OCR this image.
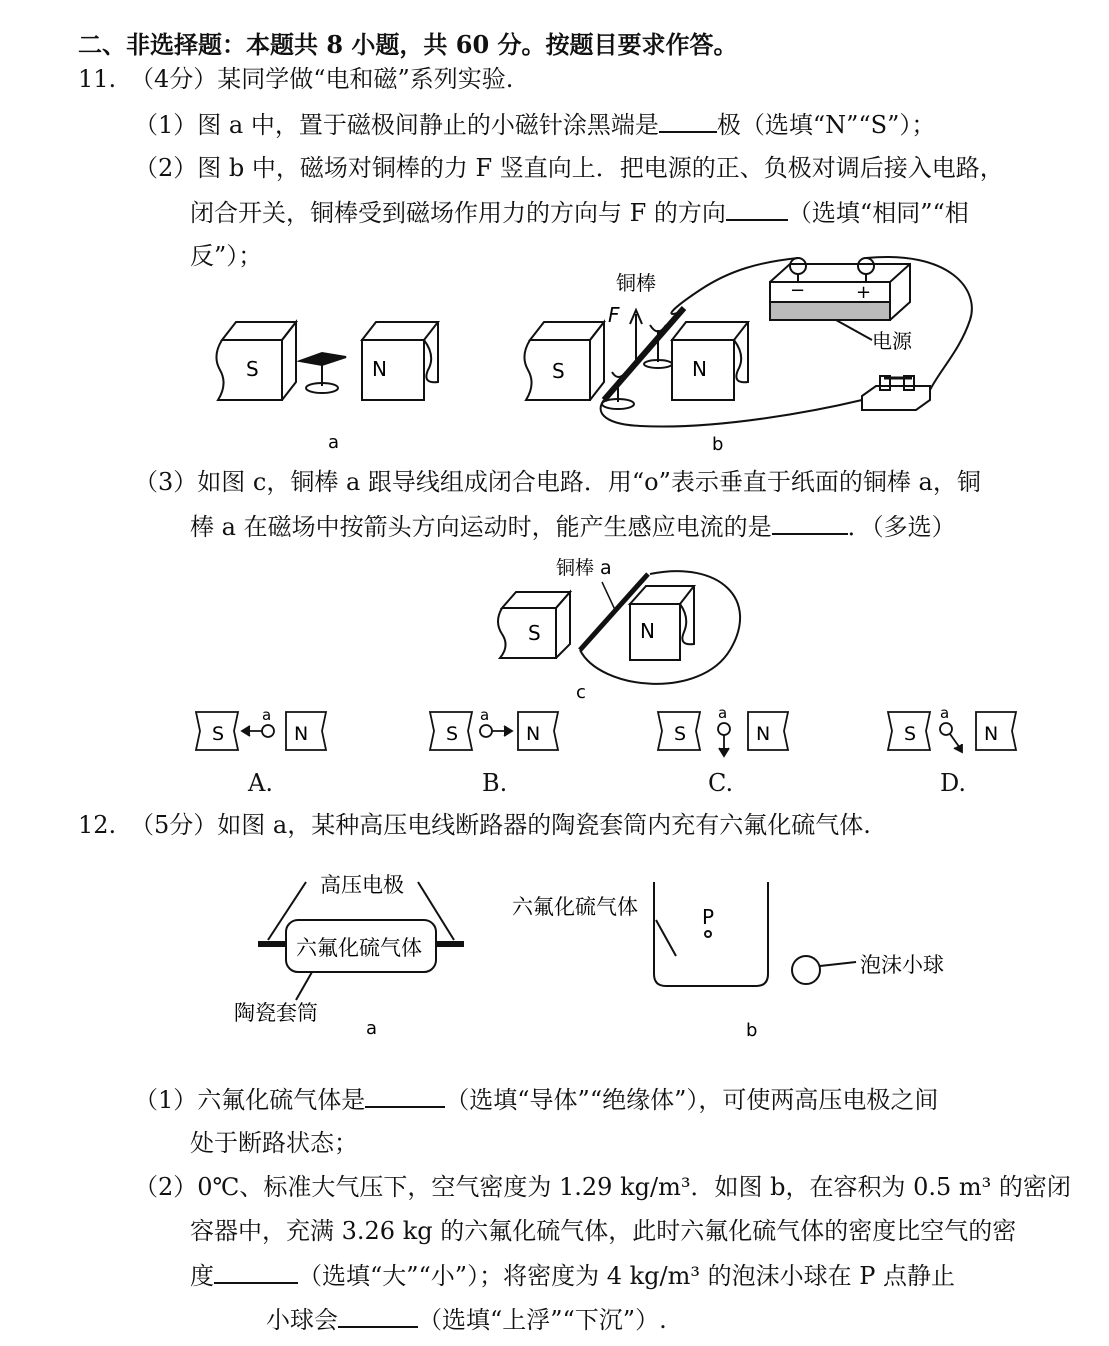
二、非选择题：本题共 8 小题，共 60 分。按题目要求作答。
11. （4分）某同学做“电和磁”系列实验.
（1）图 a 中，置于磁极间静止的小磁针涂黑端是 极（选填“N”“S”）；
（2）图 b 中，磁场对铜棒的力 F 竖直向上．把电源的正、负极对调后接入电路，
闭合开关，铜棒受到磁场作用力的方向与 F 的方向	（选填“相同”“相
反”）；
S	N	S	N
−	+
F
铜棒
电源
a	b
S	N
铜棒 a
c
S	N
a
S	N
a
S	N
a
S	N
a
A.	B.	C.	D.
（3）如图 c，铜棒 a 跟导线组成闭合电路．用“o”表示垂直于纸面的铜棒 a，铜
棒 a 在磁场中按箭头方向运动时，能产生感应电流的是	．（多选）
12. （5分）如图 a，某种高压电线断路器的陶瓷套筒内充有六氟化硫气体.
六氟化硫气体
高压电极
陶瓷套筒
a
六氟化硫气体	P
泡沫小球
b
（1）六氟化硫气体是	（选填“导体”“绝缘体”），可使两高压电极之间
处于断路状态；
（2）0℃、标准大气压下，空气密度为 1.29 kg/m³．如图 b，在容积为 0.5 m³ 的密闭
容器中，充满 3.26 kg 的六氟化硫气体，此时六氟化硫气体的密度比空气的密
度	（选填“大”“小”）；将密度为 4 kg/m³ 的泡沫小球在 P 点静止
小球会	（选填“上浮”“下沉”）.
